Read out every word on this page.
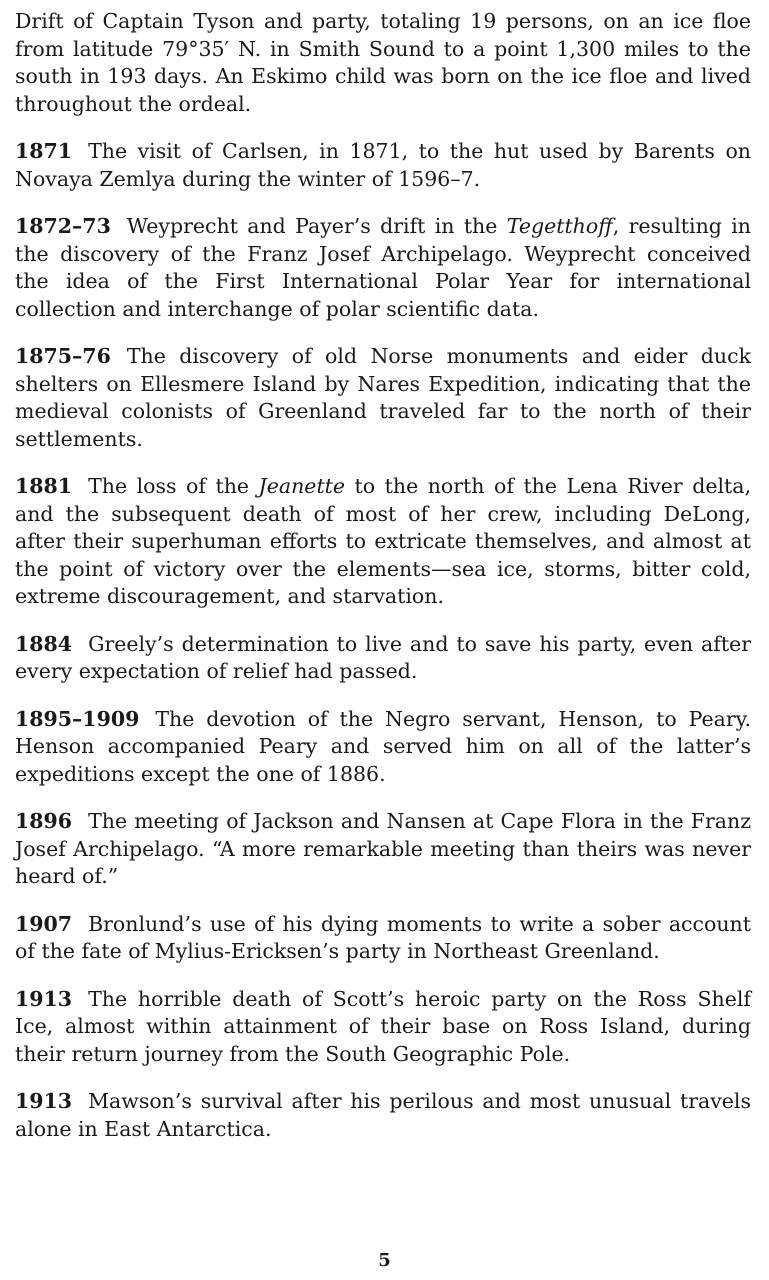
Drift of Captain Tyson and party, totaling 19 persons, on an ice floe from latitude 79°35′ N. in Smith Sound to a point 1,300 miles to the south in 193 days. An Eskimo child was born on the ice floe and lived throughout the ordeal.

1871 The visit of Carlsen, in 1871, to the hut used by Barents on Novaya Zemlya during the winter of 1596–7.

1872–73 Weyprecht and Payer’s drift in the Tegetthoff, resulting in the discovery of the Franz Josef Archipelago. Weyprecht conceived the idea of the First International Polar Year for international collection and interchange of polar scientific data.

1875–76 The discovery of old Norse monuments and eider duck shelters on Ellesmere Island by Nares Expedition, indicating that the medieval colonists of Greenland traveled far to the north of their settlements.

1881 The loss of the Jeanette to the north of the Lena River delta, and the subsequent death of most of her crew, including DeLong, after their superhuman efforts to extricate themselves, and almost at the point of victory over the elements—sea ice, storms, bitter cold, extreme discouragement, and starvation.

1884 Greely’s determination to live and to save his party, even after every expectation of relief had passed.

1895–1909 The devotion of the Negro servant, Henson, to Peary. Henson accompanied Peary and served him on all of the latter’s expeditions except the one of 1886.

1896 The meeting of Jackson and Nansen at Cape Flora in the Franz Josef Archipelago. “A more remarkable meeting than theirs was never heard of.”

1907 Bronlund’s use of his dying moments to write a sober account of the fate of Mylius-Ericksen’s party in Northeast Greenland.

1913 The horrible death of Scott’s heroic party on the Ross Shelf Ice, almost within attainment of their base on Ross Island, during their return journey from the South Geographic Pole.

1913 Mawson’s survival after his perilous and most unusual travels alone in East Antarctica.

5
